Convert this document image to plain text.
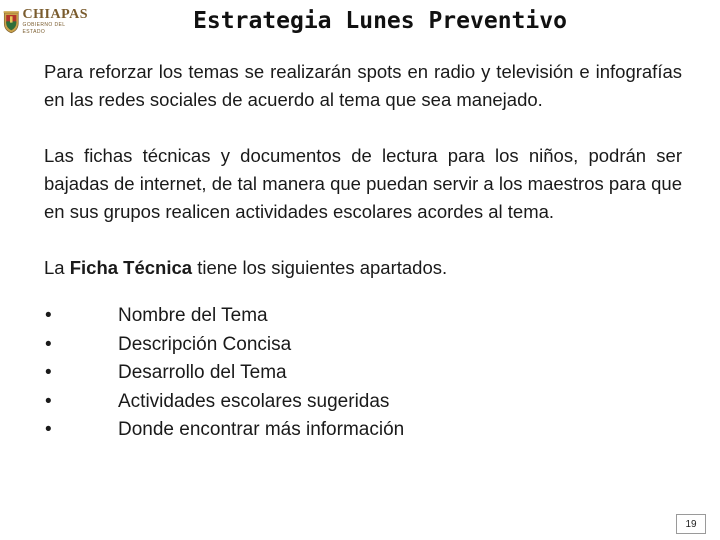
CHIAPAS
GOBIERNO DEL ESTADO	Estrategia Lunes Preventivo

Para reforzar los temas se realizarán spots en radio y televisión e infografías en las redes sociales de acuerdo al tema que sea manejado.

Las fichas técnicas y documentos de lectura para los niños, podrán ser bajadas de internet, de tal manera que puedan servir a los maestros para que en sus grupos realicen actividades escolares acordes al tema.

La Ficha Técnica tiene los siguientes apartados.

•	Nombre del Tema
•	Descripción Concisa
•	Desarrollo del Tema
•	Actividades escolares sugeridas
•	Donde encontrar más información
19
